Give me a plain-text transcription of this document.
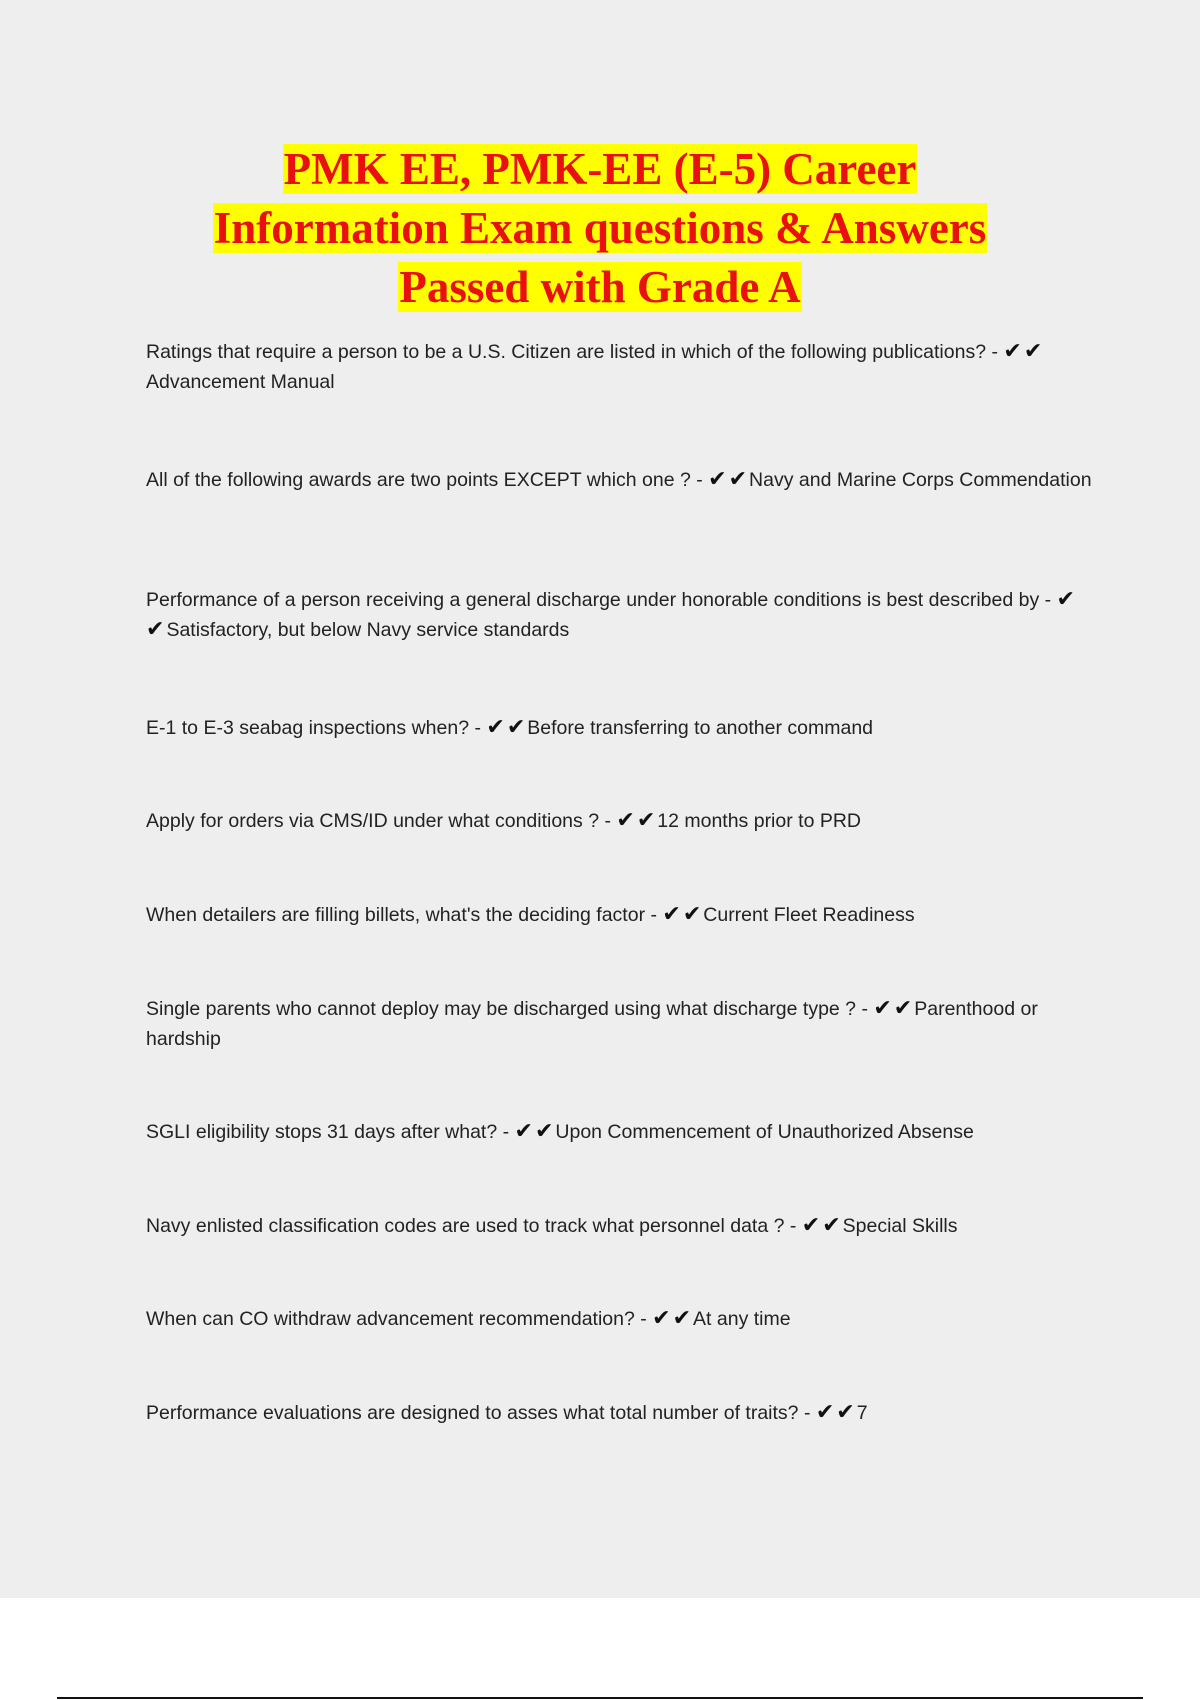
PMK EE, PMK-EE (E-5) Career
Information Exam questions & Answers
Passed with Grade A

Ratings that require a person to be a U.S. Citizen are listed in which of the following publications? - ✔✔Advancement Manual

All of the following awards are two points EXCEPT which one ? - ✔✔ Navy and Marine Corps Commendation

Performance of a person receiving a general discharge under honorable conditions is best described by - ✔✔ Satisfactory, but below Navy service standards

E-1 to E-3 seabag inspections when? - ✔✔ Before transferring to another command

Apply for orders via CMS/ID under what conditions ? - ✔✔ 12 months prior to PRD

When detailers are filling billets, what's the deciding factor - ✔✔ Current Fleet Readiness

Single parents who cannot deploy may be discharged using what discharge type ? - ✔✔ Parenthood or hardship

SGLI eligibility stops 31 days after what? - ✔✔ Upon Commencement of Unauthorized Absense

Navy enlisted classification codes are used to track what personnel data ? - ✔✔ Special Skills

When can CO withdraw advancement recommendation? - ✔✔ At any time

Performance evaluations are designed to asses what total number of traits? - ✔✔ 7
